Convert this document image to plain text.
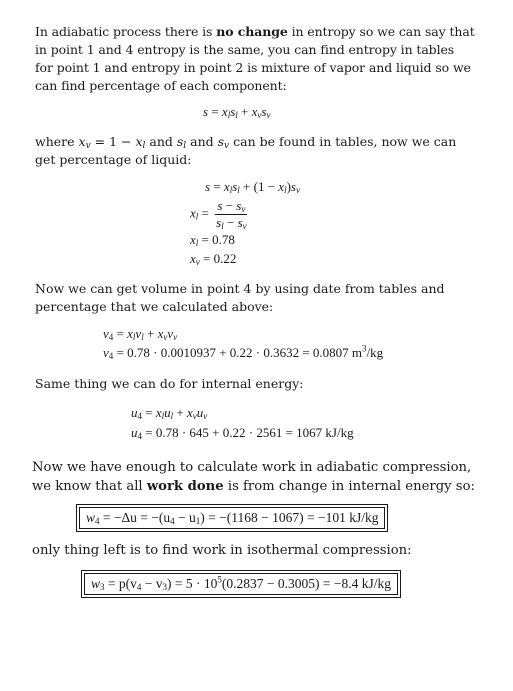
In adiabatic process there is no change in entropy so we can say that in point 1 and 4 entropy is the same, you can find entropy in tables for point 1 and entropy in point 2 is mixture of vapor and liquid so we can find percentage of each component:

$s = x_ls_l + x_vs_v$

where $x_v = 1 - x_l$ and $s_l$ and $s_v$ can be found in tables, now we can get percentage of liquid:

$s = x_ls_l + (1 - x_l)s_v$
$x_l = \frac{s - s_v}{s_l - s_v}$
$x_l = 0.78$
$x_v = 0.22$

Now we can get volume in point 4 by using date from tables and percentage that we calculated above:

$v_4 = x_lv_l + x_vv_v$
$v_4 = 0.78 \cdot 0.0010937 + 0.22 \cdot 0.3632 = 0.0807$ $m^3/kg$

Same thing we can do for internal energy:

$u_4 = x_lu_l + x_vu_v$
$u_4 = 0.78 \cdot 645 + 0.22 \cdot 2561 = 1067$ kJ/kg

Now we have enough to calculate work in adiabatic compression, we know that all work done is from change in internal energy so:

$w_4 = -\Delta u = -(u_4 - u_1) = -(1168 - 1067) = -101$ kJ/kg

only thing left is to find work in isothermal compression:

$w_3 = p(v_4 - v_3) = 5 \cdot 10^5(0.2837 - 0.3005) = -8.4$ kJ/kg
